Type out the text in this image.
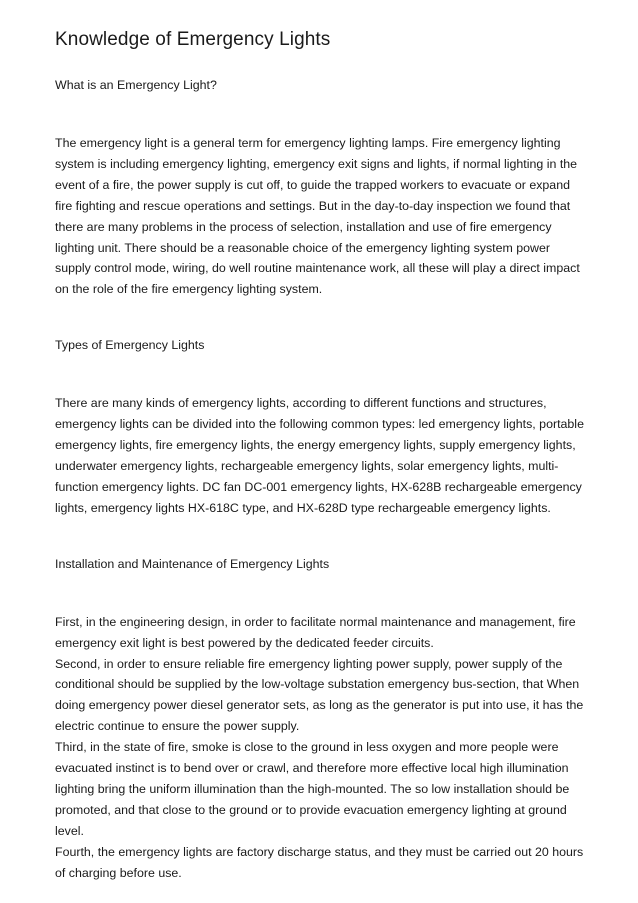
Knowledge of Emergency Lights

What is an Emergency Light?

The emergency light is a general term for emergency lighting lamps. Fire emergency lighting system is including emergency lighting, emergency exit signs and lights, if normal lighting in the event of a fire, the power supply is cut off, to guide the trapped workers to evacuate or expand fire fighting and rescue operations and settings. But in the day-to-day inspection we found that there are many problems in the process of selection, installation and use of fire emergency lighting unit. There should be a reasonable choice of the emergency lighting system power supply control mode, wiring, do well routine maintenance work, all these will play a direct impact on the role of the fire emergency lighting system.

Types of Emergency Lights

There are many kinds of emergency lights, according to different functions and structures, emergency lights can be divided into the following common types: led emergency lights, portable emergency lights, fire emergency lights, the energy emergency lights, supply emergency lights, underwater emergency lights, rechargeable emergency lights, solar emergency lights, multi-function emergency lights. DC fan DC-001 emergency lights, HX-628B rechargeable emergency lights, emergency lights HX-618C type, and HX-628D type rechargeable emergency lights.

Installation and Maintenance of Emergency Lights

First, in the engineering design, in order to facilitate normal maintenance and management, fire emergency exit light is best powered by the dedicated feeder circuits.

Second, in order to ensure reliable fire emergency lighting power supply, power supply of the conditional should be supplied by the low-voltage substation emergency bus-section, that When doing emergency power diesel generator sets, as long as the generator is put into use, it has the electric continue to ensure the power supply.

Third, in the state of fire, smoke is close to the ground in less oxygen and more people were evacuated instinct is to bend over or crawl, and therefore more effective local high illumination lighting bring the uniform illumination than the high-mounted. The so low installation should be promoted, and that close to the ground or to provide evacuation emergency lighting at ground level.

Fourth, the emergency lights are factory discharge status, and they must be carried out 20 hours of charging before use.
